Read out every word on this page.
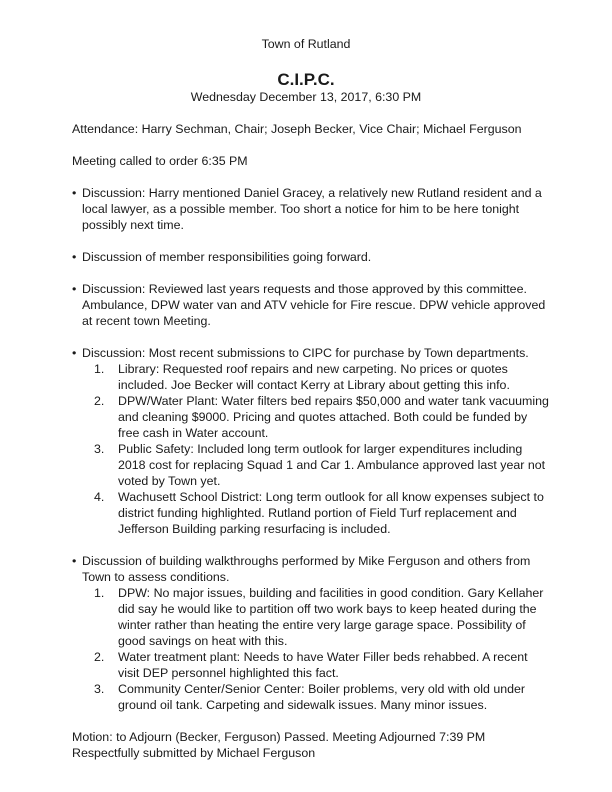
Town of Rutland
C.I.P.C.
Wednesday December 13, 2017, 6:30 PM

Attendance: Harry Sechman, Chair; Joseph Becker, Vice Chair; Michael Ferguson

Meeting called to order 6:35 PM

• Discussion: Harry mentioned Daniel Gracey, a relatively new Rutland resident and a local lawyer, as a possible member. Too short a notice for him to be here tonight possibly next time.
• Discussion of member responsibilities going forward.
• Discussion: Reviewed last years requests and those approved by this committee. Ambulance, DPW water van and ATV vehicle for Fire rescue. DPW vehicle approved at recent town Meeting.
• Discussion: Most recent submissions to CIPC for purchase by Town departments.
1. Library: Requested roof repairs and new carpeting. No prices or quotes included. Joe Becker will contact Kerry at Library about getting this info.
2. DPW/Water Plant: Water filters bed repairs $50,000 and water tank vacuuming and cleaning $9000. Pricing and quotes attached. Both could be funded by free cash in Water account.
3. Public Safety: Included long term outlook for larger expenditures including 2018 cost for replacing Squad 1 and Car 1. Ambulance approved last year not voted by Town yet.
4. Wachusett School District: Long term outlook for all know expenses subject to district funding highlighted. Rutland portion of Field Turf replacement and Jefferson Building parking resurfacing is included.
• Discussion of building walkthroughs performed by Mike Ferguson and others from Town to assess conditions.
1. DPW: No major issues, building and facilities in good condition. Gary Kellaher did say he would like to partition off two work bays to keep heated during the winter rather than heating the entire very large garage space. Possibility of good savings on heat with this.
2. Water treatment plant: Needs to have Water Filler beds rehabbed. A recent visit DEP personnel highlighted this fact.
3. Community Center/Senior Center: Boiler problems, very old with old under ground oil tank. Carpeting and sidewalk issues. Many minor issues.

Motion: to Adjourn (Becker, Ferguson) Passed. Meeting Adjourned 7:39 PM

Respectfully submitted by Michael Ferguson
